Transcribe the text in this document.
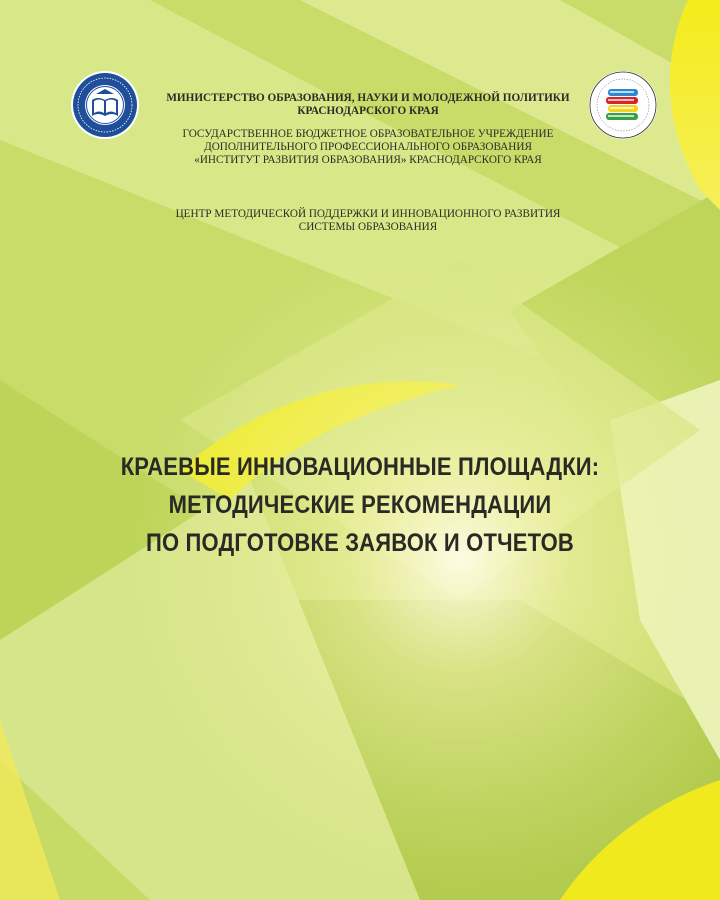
МИНИСТЕРСТВО ОБРАЗОВАНИЯ, НАУКИ И МОЛОДЕЖНОЙ ПОЛИТИКИ
КРАСНОДАРСКОГО КРАЯ
ГОСУДАРСТВЕННОЕ БЮДЖЕТНОЕ ОБРАЗОВАТЕЛЬНОЕ УЧРЕЖДЕНИЕ
ДОПОЛНИТЕЛЬНОГО ПРОФЕССИОНАЛЬНОГО ОБРАЗОВАНИЯ
«ИНСТИТУТ РАЗВИТИЯ ОБРАЗОВАНИЯ» КРАСНОДАРСКОГО КРАЯ
ЦЕНТР МЕТОДИЧЕСКОЙ ПОДДЕРЖКИ И ИННОВАЦИОННОГО РАЗВИТИЯ
СИСТЕМЫ ОБРАЗОВАНИЯ
КРАЕВЫЕ ИННОВАЦИОННЫЕ ПЛОЩАДКИ:
МЕТОДИЧЕСКИЕ РЕКОМЕНДАЦИИ
ПО ПОДГОТОВКЕ ЗАЯВОК И ОТЧЕТОВ
